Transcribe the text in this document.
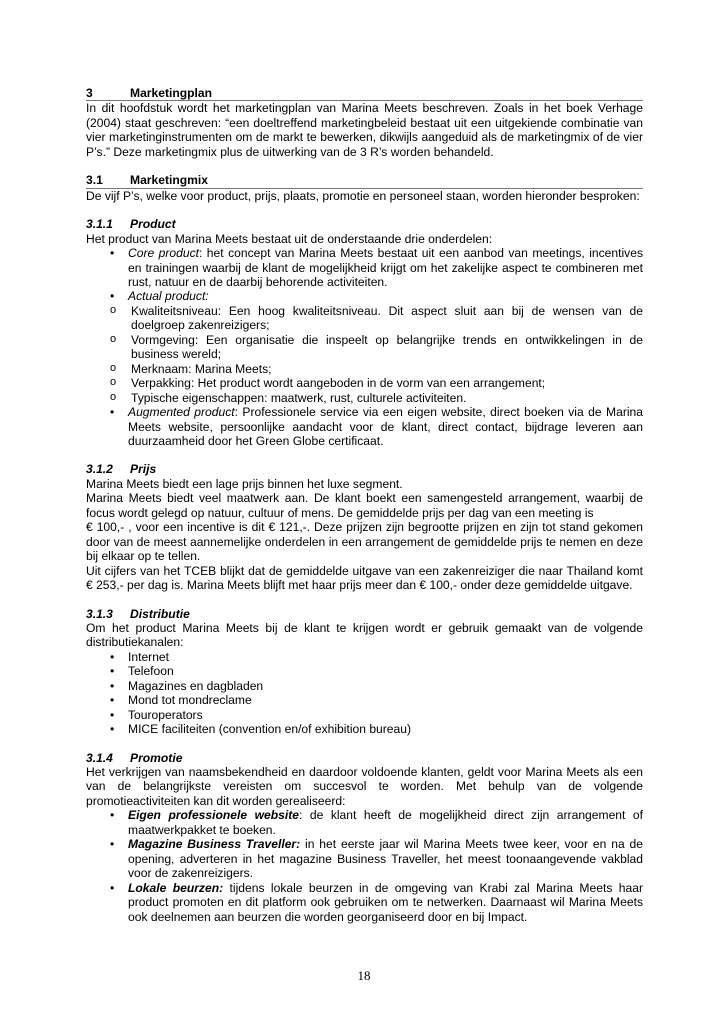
3	Marketingplan

In dit hoofdstuk wordt het marketingplan van Marina Meets beschreven. Zoals in het boek Verhage (2004) staat geschreven: “een doeltreffend marketingbeleid bestaat uit een uitgekiende combinatie van vier marketinginstrumenten om de markt te bewerken, dikwijls aangeduid als de marketingmix of de vier P’s.” Deze marketingmix plus de uitwerking van de 3 R’s worden behandeld.

3.1	Marketingmix

De vijf P’s, welke voor product, prijs, plaats, promotie en personeel staan, worden hieronder besproken:

3.1.1	Product

Het product van Marina Meets bestaat uit de onderstaande drie onderdelen:

• Core product: het concept van Marina Meets bestaat uit een aanbod van meetings, incentives en trainingen waarbij de klant de mogelijkheid krijgt om het zakelijke aspect te combineren met rust, natuur en de daarbij behorende activiteiten.
• Actual product:
o Kwaliteitsniveau: Een hoog kwaliteitsniveau. Dit aspect sluit aan bij de wensen van de doelgroep zakenreizigers;
o Vormgeving: Een organisatie die inspeelt op belangrijke trends en ontwikkelingen in de business wereld;
o Merknaam: Marina Meets;
o Verpakking: Het product wordt aangeboden in de vorm van een arrangement;
o Typische eigenschappen: maatwerk, rust, culturele activiteiten.
• Augmented product: Professionele service via een eigen website, direct boeken via de Marina Meets website, persoonlijke aandacht voor de klant, direct contact, bijdrage leveren aan duurzaamheid door het Green Globe certificaat.
3.1.2	Prijs

Marina Meets biedt een lage prijs binnen het luxe segment.

Marina Meets biedt veel maatwerk aan. De klant boekt een samengesteld arrangement, waarbij de focus wordt gelegd op natuur, cultuur of mens. De gemiddelde prijs per dag van een meeting is

€ 100,- , voor een incentive is dit € 121,-. Deze prijzen zijn begrootte prijzen en zijn tot stand gekomen door van de meest aannemelijke onderdelen in een arrangement de gemiddelde prijs te nemen en deze bij elkaar op te tellen.

Uit cijfers van het TCEB blijkt dat de gemiddelde uitgave van een zakenreiziger die naar Thailand komt € 253,- per dag is. Marina Meets blijft met haar prijs meer dan € 100,- onder deze gemiddelde uitgave.

3.1.3	Distributie

Om het product Marina Meets bij de klant te krijgen wordt er gebruik gemaakt van de volgende distributiekanalen:

• Internet
• Telefoon
• Magazines en dagbladen
• Mond tot mondreclame
• Touroperators
• MICE faciliteiten (convention en/of exhibition bureau)
3.1.4	Promotie

Het verkrijgen van naamsbekendheid en daardoor voldoende klanten, geldt voor Marina Meets als een van de belangrijkste vereisten om succesvol te worden. Met behulp van de volgende promotieactiviteiten kan dit worden gerealiseerd:

• Eigen professionele website: de klant heeft de mogelijkheid direct zijn arrangement of maatwerkpakket te boeken.
• Magazine Business Traveller: in het eerste jaar wil Marina Meets twee keer, voor en na de opening, adverteren in het magazine Business Traveller, het meest toonaangevende vakblad voor de zakenreizigers.
• Lokale beurzen: tijdens lokale beurzen in de omgeving van Krabi zal Marina Meets haar product promoten en dit platform ook gebruiken om te netwerken. Daarnaast wil Marina Meets ook deelnemen aan beurzen die worden georganiseerd door en bij Impact.
18
